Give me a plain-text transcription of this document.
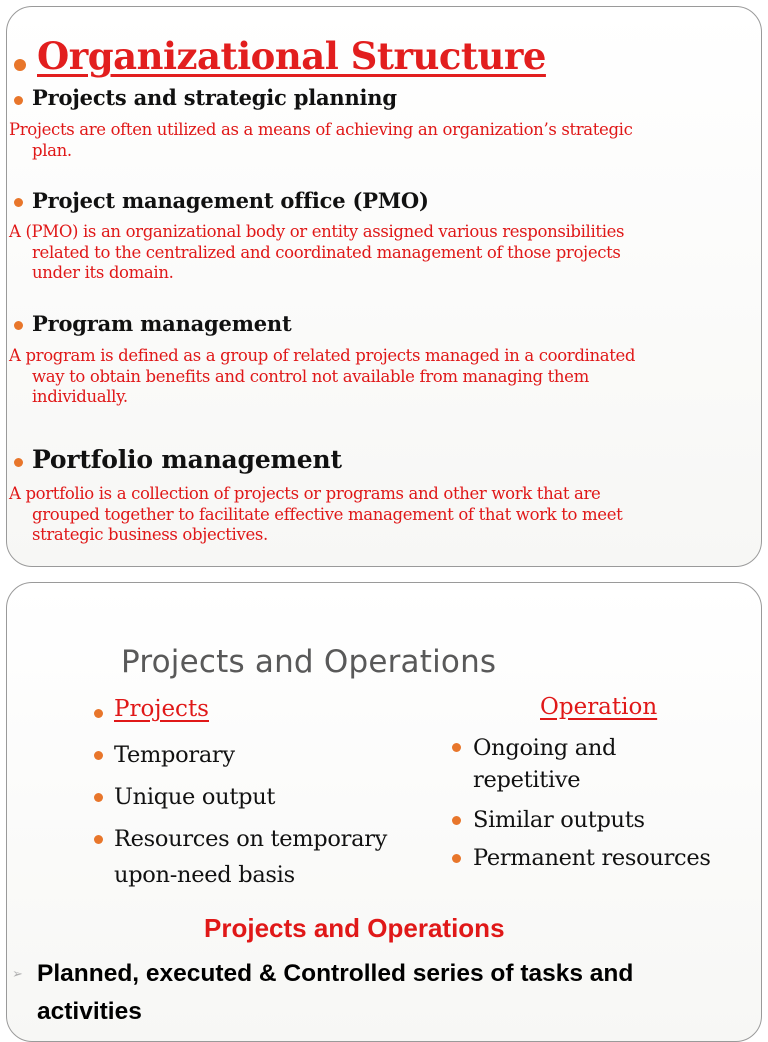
Organizational Structure
Projects and strategic planning
Projects are often utilized as a means of achieving an organization’s strategic
plan.
Project management office (PMO)
A (PMO) is an organizational body or entity assigned various responsibilities
related to the centralized and coordinated management of those projects
under its domain.
Program management
A program is defined as a group of related projects managed in a coordinated
way to obtain benefits and control not available from managing them
individually.
Portfolio management
A portfolio is a collection of projects or programs and other work that are
grouped together to facilitate effective management of that work to meet
strategic business objectives.
Projects and Operations
Projects
Temporary
Unique output
Resources on temporary
upon-need basis
Operation
Ongoing and
repetitive
Similar outputs
Permanent resources
Projects and Operations
➢ Planned, executed & Controlled series of tasks and
activities
